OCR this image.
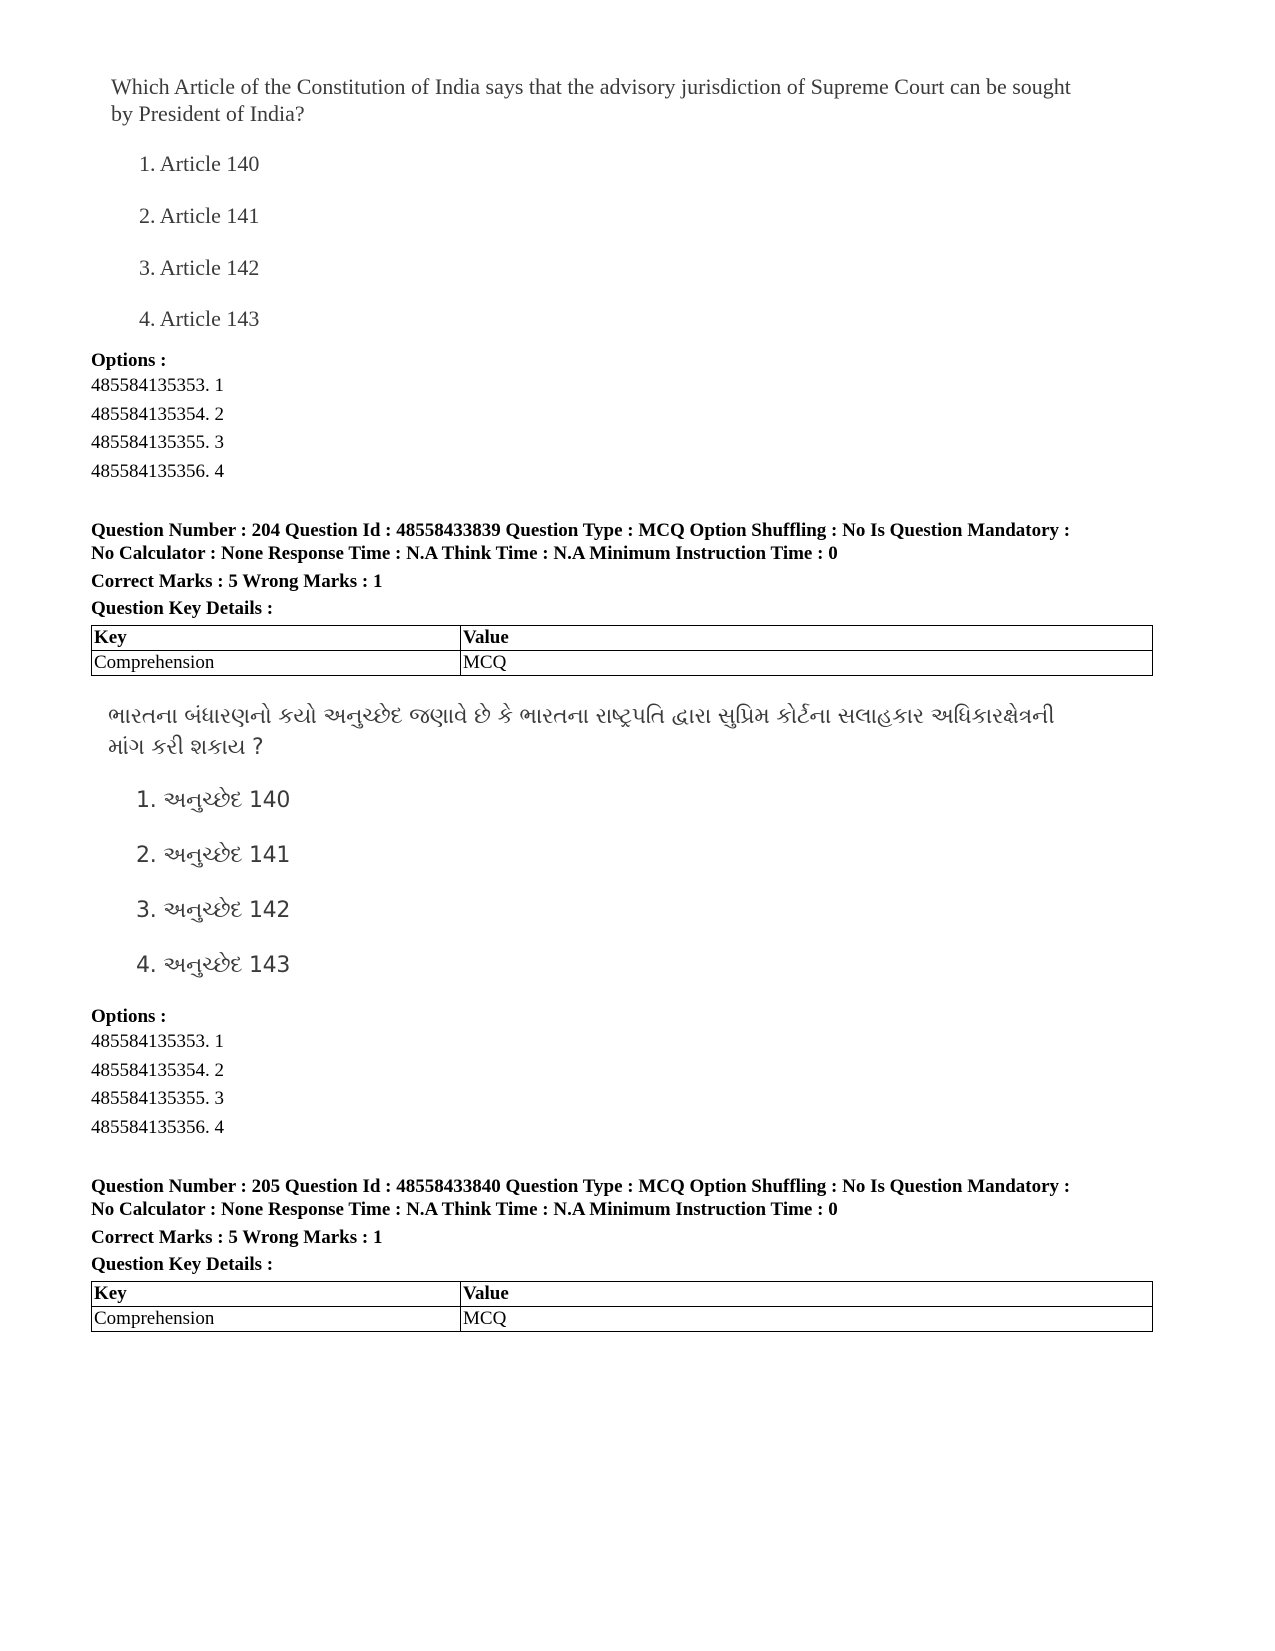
Which Article of the Constitution of India says that the advisory jurisdiction of Supreme Court can be sought
by President of India?
1. Article 140
2. Article 141
3. Article 142
4. Article 143
Options :
485584135353. 1
485584135354. 2
485584135355. 3
485584135356. 4
Question Number : 204 Question Id : 48558433839 Question Type : MCQ Option Shuffling : No Is Question Mandatory :
No Calculator : None Response Time : N.A Think Time : N.A Minimum Instruction Time : 0
Correct Marks : 5 Wrong Marks : 1
Question Key Details :
Key	Value
Comprehension	MCQ
ભારતના બંધારણનો કયો અનુચ્છેદ જણાવે છે કે ભારતના રાષ્ટ્રપતિ દ્વારા સુપ્રિમ કોર્ટના સલાહકાર અધિકારક્ષેત્રની
માંગ કરી શકાય ?
1. અનુચ્છેદ 140
2. અનુચ્છેદ 141
3. અનુચ્છેદ 142
4. અનુચ્છેદ 143
Options :
485584135353. 1
485584135354. 2
485584135355. 3
485584135356. 4
Question Number : 205 Question Id : 48558433840 Question Type : MCQ Option Shuffling : No Is Question Mandatory :
No Calculator : None Response Time : N.A Think Time : N.A Minimum Instruction Time : 0
Correct Marks : 5 Wrong Marks : 1
Question Key Details :
Key	Value
Comprehension	MCQ
